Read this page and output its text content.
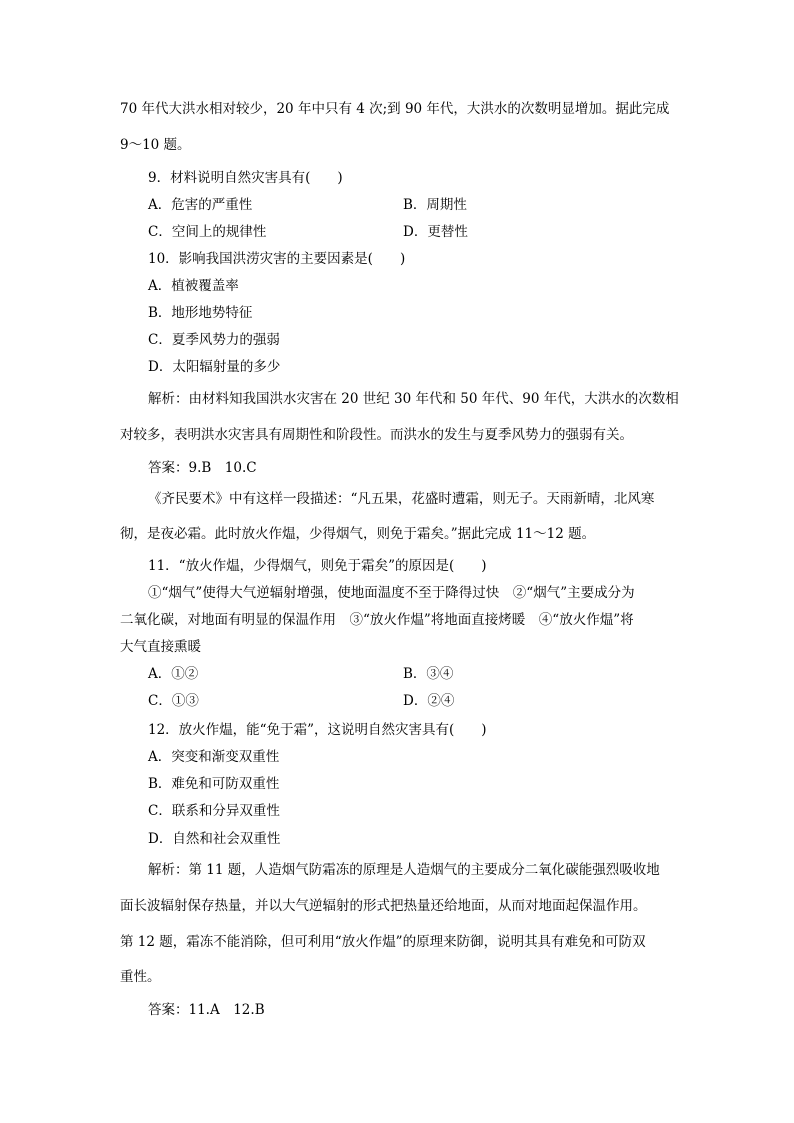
70 年代大洪水相对较少，20 年中只有 4 次;到 90 年代，大洪水的次数明显增加。据此完成
9～10 题。
9．材料说明自然灾害具有(　　)
A．危害的严重性	B．周期性
C．空间上的规律性	D．更替性
10．影响我国洪涝灾害的主要因素是(　　)
A．植被覆盖率
B．地形地势特征
C．夏季风势力的强弱
D．太阳辐射量的多少
解析：由材料知我国洪水灾害在 20 世纪 30 年代和 50 年代、90 年代，大洪水的次数相
对较多，表明洪水灾害具有周期性和阶段性。而洪水的发生与夏季风势力的强弱有关。
答案：9.B　10.C
《齐民要术》中有这样一段描述：“凡五果，花盛时遭霜，则无子。天雨新晴，北风寒
彻，是夜必霜。此时放火作煴，少得烟气，则免于霜矣。”据此完成 11～12 题。
11．“放火作煴，少得烟气，则免于霜矣”的原因是(　　)
①“烟气”使得大气逆辐射增强，使地面温度不至于降得过快　②“烟气”主要成分为
二氧化碳，对地面有明显的保温作用　③“放火作煴”将地面直接烤暖　④“放火作煴”将
大气直接熏暖
A．①②	B．③④
C．①③	D．②④
12．放火作煴，能“免于霜”，这说明自然灾害具有(　　)
A．突变和渐变双重性
B．难免和可防双重性
C．联系和分异双重性
D．自然和社会双重性
解析：第 11 题，人造烟气防霜冻的原理是人造烟气的主要成分二氧化碳能强烈吸收地
面长波辐射保存热量，并以大气逆辐射的形式把热量还给地面，从而对地面起保温作用。
第 12 题，霜冻不能消除，但可利用“放火作煴”的原理来防御，说明其具有难免和可防双
重性。
答案：11.A　12.B
